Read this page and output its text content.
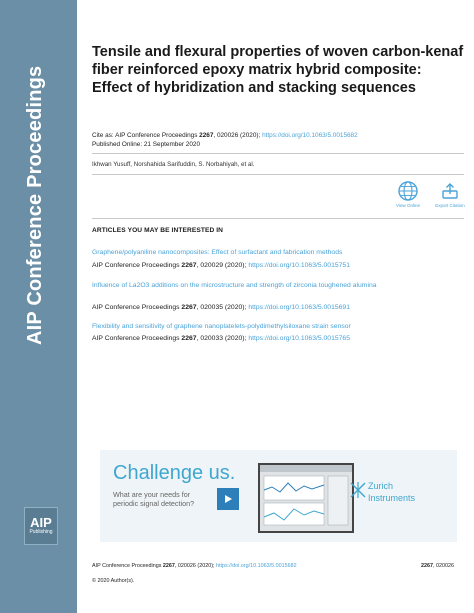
AIP Conference Proceedings
AIP
Publishing
Tensile and flexural properties of woven carbon-kenaf fiber reinforced epoxy matrix hybrid composite: Effect of hybridization and stacking sequences
Cite as: AIP Conference Proceedings 2267, 020026 (2020); https://doi.org/10.1063/5.0015682
Published Online: 21 September 2020
Ikhwan Yusuff, Norshahida Sarifuddin, S. Norbahiyah, et al.
View Online	Export Citation
ARTICLES YOU MAY BE INTERESTED IN
Graphene/polyaniline nanocomposites: Effect of surfactant and fabrication methods
AIP Conference Proceedings 2267, 020029 (2020); https://doi.org/10.1063/5.0015751
Influence of La2O3 additions on the microstructure and strength of zirconia toughened alumina
AIP Conference Proceedings 2267, 020035 (2020); https://doi.org/10.1063/5.0015691
Flexibility and sensitivity of graphene nanoplatelets-polydimethylsiloxane strain sensor
AIP Conference Proceedings 2267, 020033 (2020); https://doi.org/10.1063/5.0015765
Challenge us.
What are your needs for
periodic signal detection?
Zurich
Instruments
AIP Conference Proceedings 2267, 020026 (2020); https://doi.org/10.1063/5.0015682	2267, 020026
© 2020 Author(s).
